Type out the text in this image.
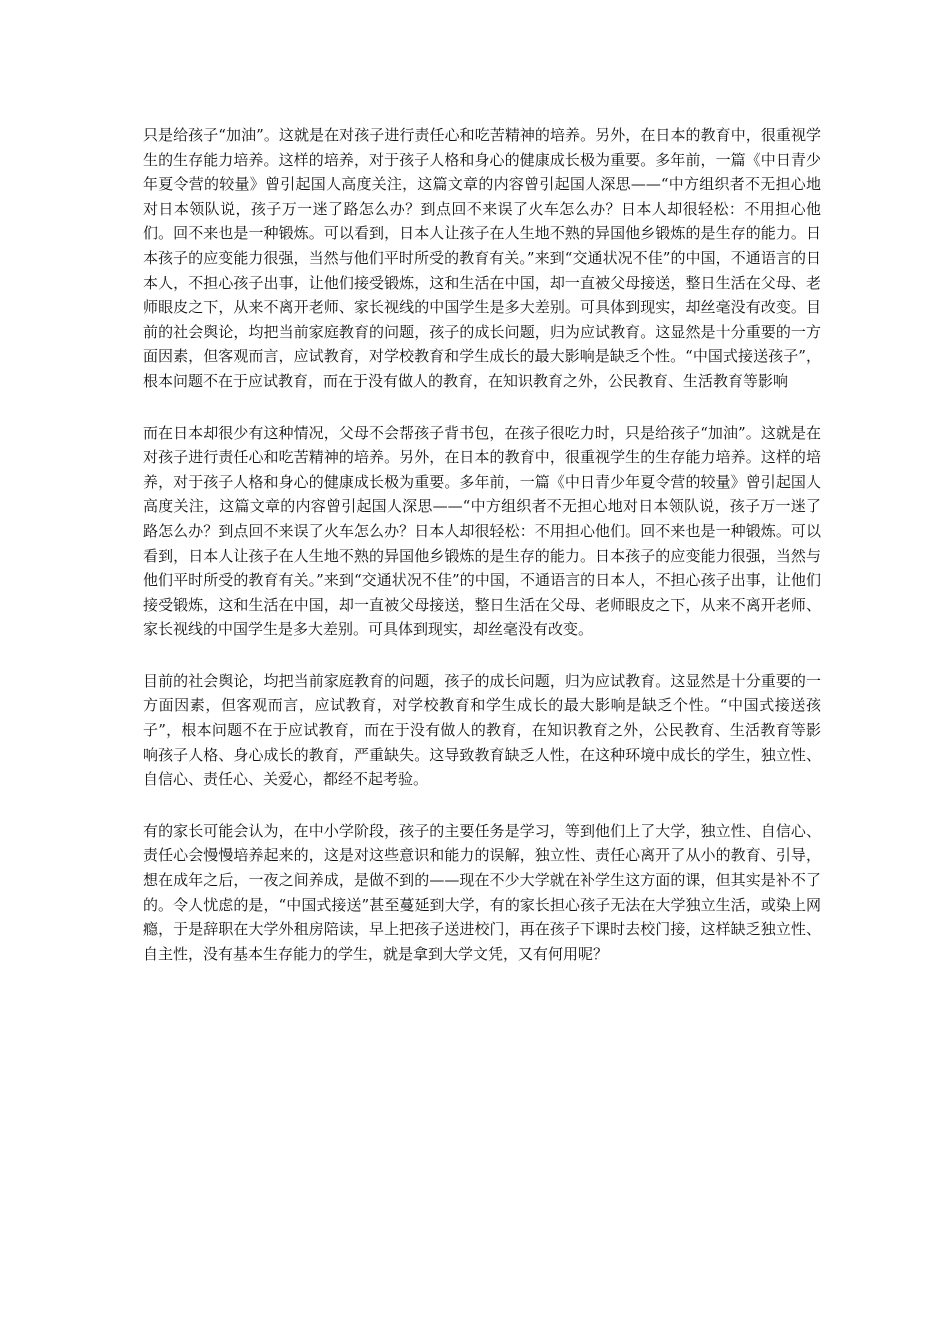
只是给孩子“加油”。这就是在对孩子进行责任心和吃苦精神的培养。另外，在日本的教育中，很重视学生的生存能力培养。这样的培养，对于孩子人格和身心的健康成长极为重要。多年前，一篇《中日青少年夏令营的较量》曾引起国人高度关注，这篇文章的内容曾引起国人深思——“中方组织者不无担心地对日本领队说，孩子万一迷了路怎么办？到点回不来误了火车怎么办？日本人却很轻松：不用担心他们。回不来也是一种锻炼。可以看到，日本人让孩子在人生地不熟的异国他乡锻炼的是生存的能力。日本孩子的应变能力很强，当然与他们平时所受的教育有关。”来到“交通状况不佳”的中国，不通语言的日本人，不担心孩子出事，让他们接受锻炼，这和生活在中国，却一直被父母接送，整日生活在父母、老师眼皮之下，从来不离开老师、家长视线的中国学生是多大差别。可具体到现实，却丝毫没有改变。目前的社会舆论，均把当前家庭教育的问题，孩子的成长问题，归为应试教育。这显然是十分重要的一方面因素，但客观而言，应试教育，对学校教育和学生成长的最大影响是缺乏个性。“中国式接送孩子”，根本问题不在于应试教育，而在于没有做人的教育，在知识教育之外，公民教育、生活教育等影响

而在日本却很少有这种情况，父母不会帮孩子背书包，在孩子很吃力时，只是给孩子“加油”。这就是在对孩子进行责任心和吃苦精神的培养。另外，在日本的教育中，很重视学生的生存能力培养。这样的培养，对于孩子人格和身心的健康成长极为重要。多年前，一篇《中日青少年夏令营的较量》曾引起国人高度关注，这篇文章的内容曾引起国人深思——“中方组织者不无担心地对日本领队说，孩子万一迷了路怎么办？到点回不来误了火车怎么办？日本人却很轻松：不用担心他们。回不来也是一种锻炼。可以看到，日本人让孩子在人生地不熟的异国他乡锻炼的是生存的能力。日本孩子的应变能力很强，当然与他们平时所受的教育有关。”来到“交通状况不佳”的中国，不通语言的日本人，不担心孩子出事，让他们接受锻炼，这和生活在中国，却一直被父母接送，整日生活在父母、老师眼皮之下，从来不离开老师、家长视线的中国学生是多大差别。可具体到现实，却丝毫没有改变。

目前的社会舆论，均把当前家庭教育的问题，孩子的成长问题，归为应试教育。这显然是十分重要的一方面因素，但客观而言，应试教育，对学校教育和学生成长的最大影响是缺乏个性。“中国式接送孩子”，根本问题不在于应试教育，而在于没有做人的教育，在知识教育之外，公民教育、生活教育等影响孩子人格、身心成长的教育，严重缺失。这导致教育缺乏人性，在这种环境中成长的学生，独立性、自信心、责任心、关爱心，都经不起考验。

有的家长可能会认为，在中小学阶段，孩子的主要任务是学习，等到他们上了大学，独立性、自信心、责任心会慢慢培养起来的，这是对这些意识和能力的误解，独立性、责任心离开了从小的教育、引导，想在成年之后，一夜之间养成，是做不到的——现在不少大学就在补学生这方面的课，但其实是补不了的。令人忧虑的是，“中国式接送”甚至蔓延到大学，有的家长担心孩子无法在大学独立生活，或染上网瘾，于是辞职在大学外租房陪读，早上把孩子送进校门，再在孩子下课时去校门接，这样缺乏独立性、自主性，没有基本生存能力的学生，就是拿到大学文凭，又有何用呢？
